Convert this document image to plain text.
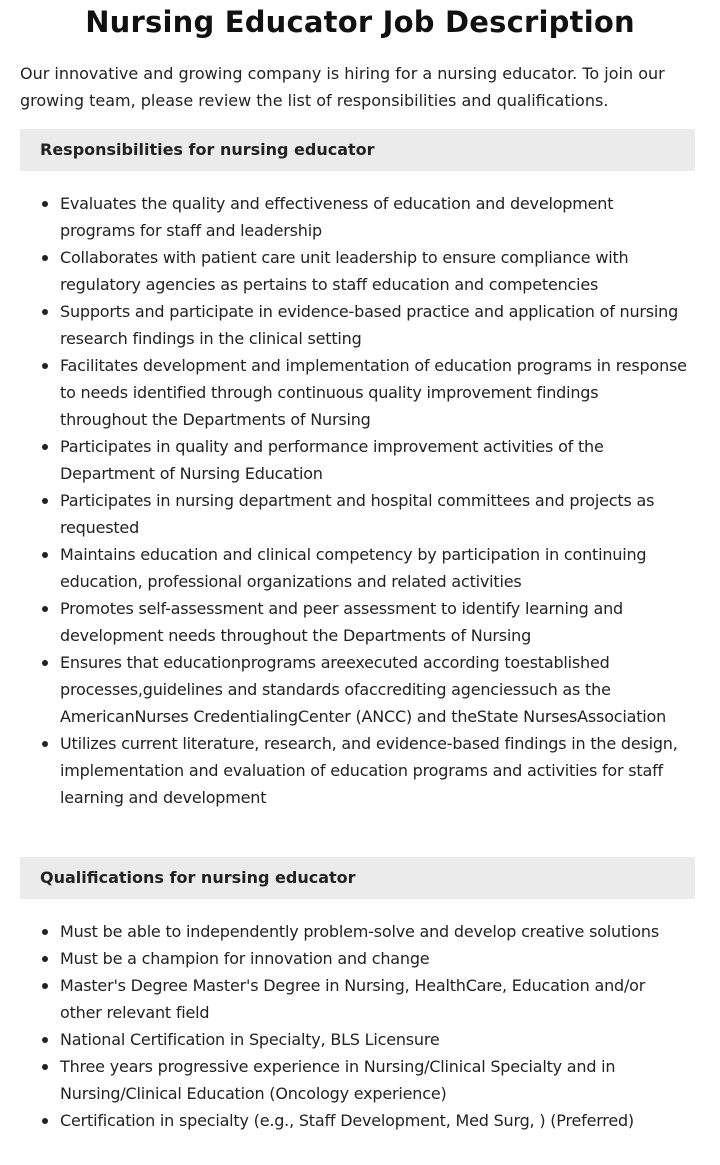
Nursing Educator Job Description

Our innovative and growing company is hiring for a nursing educator. To join our growing team, please review the list of responsibilities and qualifications.

Responsibilities for nursing educator
Evaluates the quality and effectiveness of education and development programs for staff and leadership
Collaborates with patient care unit leadership to ensure compliance with regulatory agencies as pertains to staff education and competencies
Supports and participate in evidence-based practice and application of nursing research findings in the clinical setting
Facilitates development and implementation of education programs in response to needs identified through continuous quality improvement findings throughout the Departments of Nursing
Participates in quality and performance improvement activities of the Department of Nursing Education
Participates in nursing department and hospital committees and projects as requested
Maintains education and clinical competency by participation in continuing education, professional organizations and related activities
Promotes self-assessment and peer assessment to identify learning and development needs throughout the Departments of Nursing
Ensures that educationprograms areexecuted according toestablished processes,guidelines and standards ofaccrediting agenciessuch as the AmericanNurses CredentialingCenter (ANCC) and theState NursesAssociation
Utilizes current literature, research, and evidence-based findings in the design, implementation and evaluation of education programs and activities for staff learning and development
Qualifications for nursing educator
Must be able to independently problem-solve and develop creative solutions
Must be a champion for innovation and change
Master's Degree Master's Degree in Nursing, HealthCare, Education and/or other relevant field
National Certification in Specialty, BLS Licensure
Three years progressive experience in Nursing/Clinical Specialty and in Nursing/Clinical Education (Oncology experience)
Certification in specialty (e.g., Staff Development, Med Surg, ) (Preferred)
